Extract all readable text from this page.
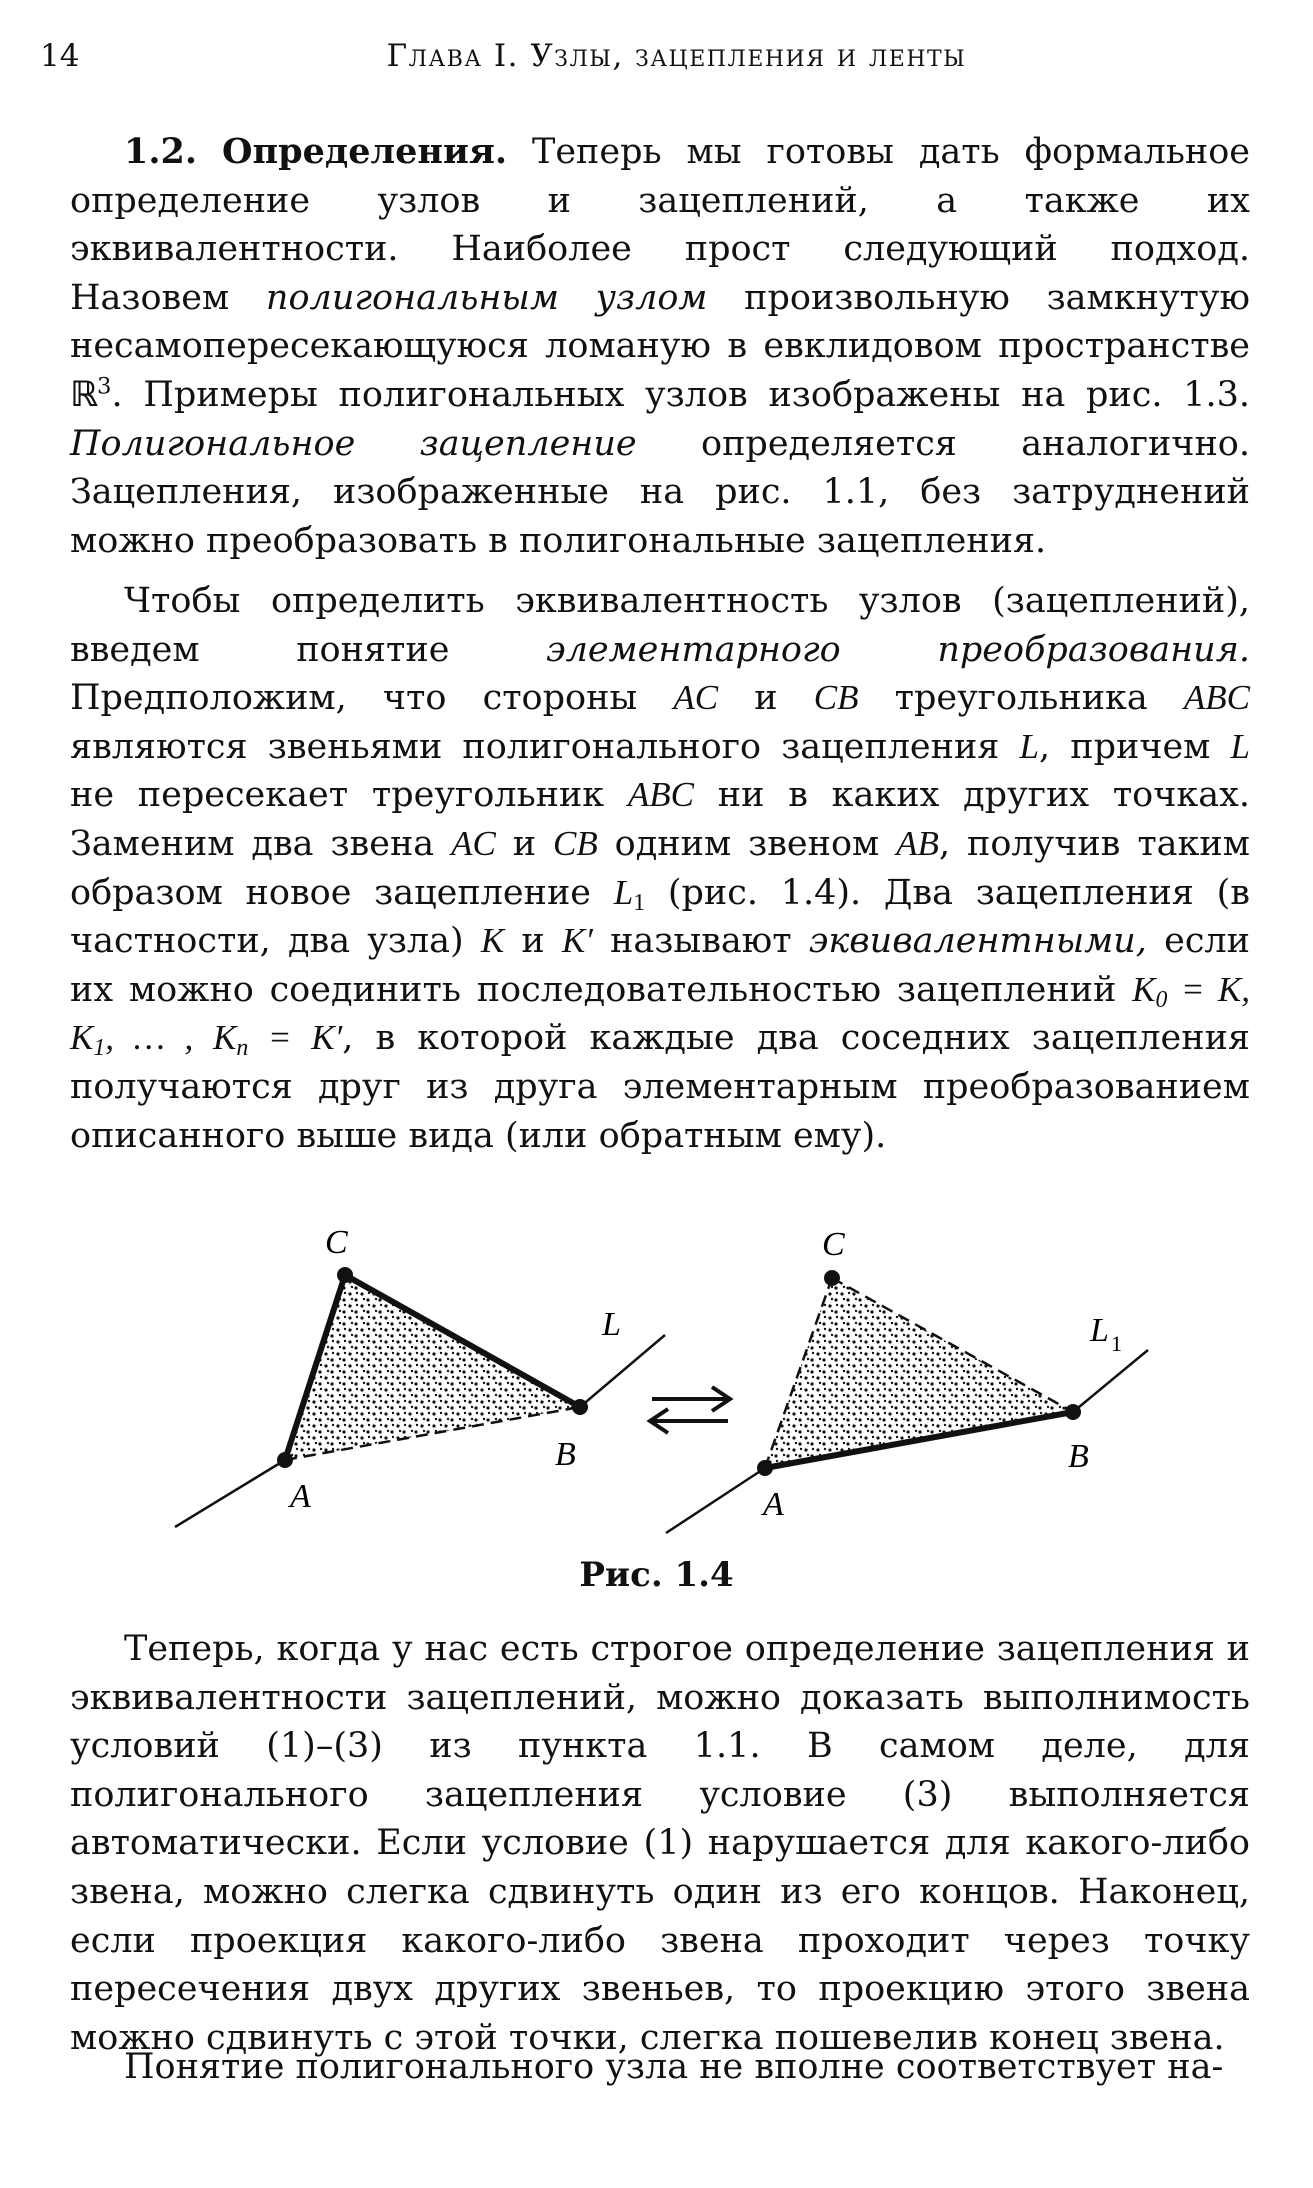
14	Глава I. Узлы, зацепления и ленты

1.2. Определения. Теперь мы готовы дать формальное определение узлов и зацеплений, а также их эквивалентности. Наиболее прост следующий подход. Назовем полигональным узлом произвольную замкнутую несамопересекающуюся ломаную в евклидовом пространстве ℝ$^3$. Примеры полигональных узлов изображены на рис. 1.3. Полигональное зацепление определяется аналогично. Зацепления, изображенные на рис. 1.1, без затруднений можно преобразовать в полигональные зацепления.

Чтобы определить эквивалентность узлов (зацеплений), введем понятие элементарного преобразования. Предположим, что стороны AC и CB треугольника ABC являются звеньями полигонального зацепления L, причем L не пересекает треугольник ABC ни в каких других точках. Заменим два звена AC и CB одним звеном AB, получив таким образом новое зацепление $L_1$ (рис. 1.4). Два зацепления (в частности, два узла) K и K′ называют эквивалентными, если их можно соединить последовательностью зацеплений $K_0 = K$, $K_1$, … , $K_n = K'$, в которой каждые два соседних зацепления получаются друг из друга элементарным преобразованием описанного выше вида (или обратным ему).

C
A
B
L
C
A
B
L 1
Рис. 1.4

Теперь, когда у нас есть строгое определение зацепления и эквивалентности зацеплений, можно доказать выполнимость условий (1)–(3) из пункта 1.1. В самом деле, для полигонального зацепления условие (3) выполняется автоматически. Если условие (1) нарушается для какого-либо звена, можно слегка сдвинуть один из его концов. Наконец, если проекция какого-либо звена проходит через точку пересечения двух других звеньев, то проекцию этого звена можно сдвинуть с этой точки, слегка пошевелив конец звена.

Понятие полигонального узла не вполне соответствует на-
